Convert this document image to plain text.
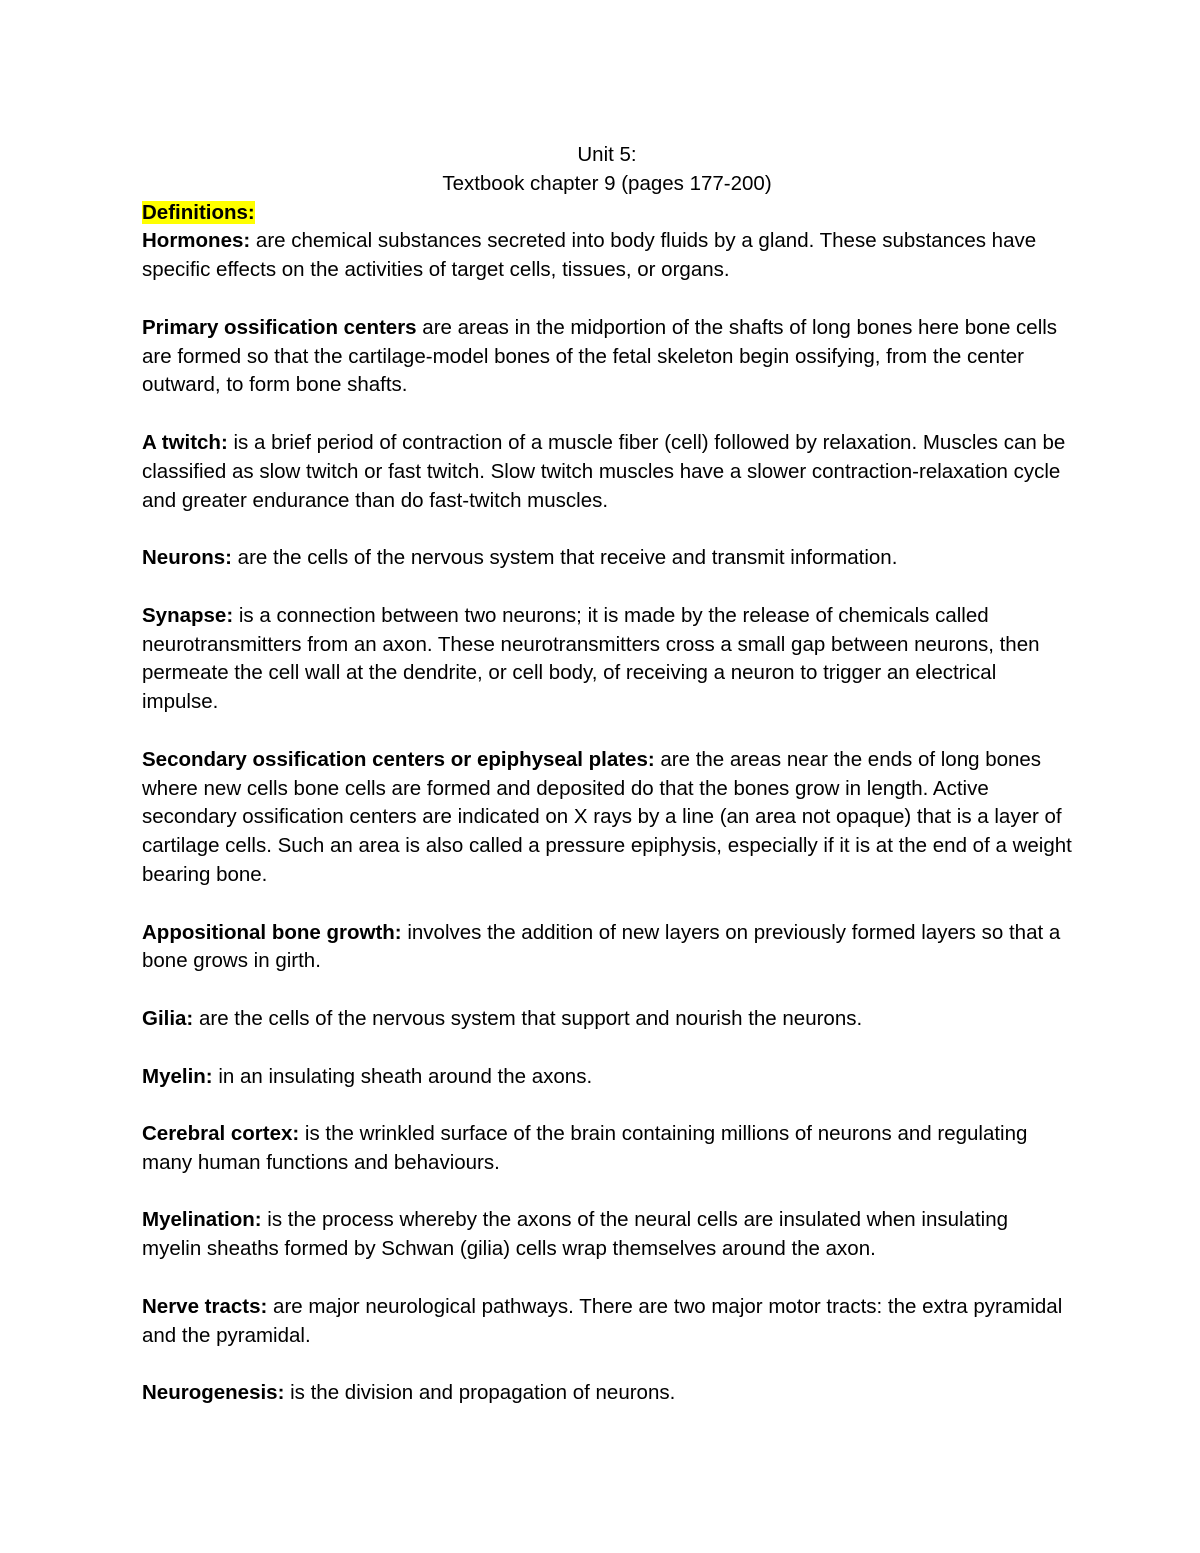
Unit 5:

Textbook chapter 9 (pages 177-200)

Definitions:

Hormones: are chemical substances secreted into body fluids by a gland. These substances have specific effects on the activities of target cells, tissues, or organs.

Primary ossification centers are areas in the midportion of the shafts of long bones here bone cells are formed so that the cartilage-model bones of the fetal skeleton begin ossifying, from the center outward, to form bone shafts.

A twitch: is a brief period of contraction of a muscle fiber (cell) followed by relaxation. Muscles can be classified as slow twitch or fast twitch. Slow twitch muscles have a slower contraction-relaxation cycle and greater endurance than do fast-twitch muscles.

Neurons: are the cells of the nervous system that receive and transmit information.

Synapse: is a connection between two neurons; it is made by the release of chemicals called neurotransmitters from an axon. These neurotransmitters cross a small gap between neurons, then permeate the cell wall at the dendrite, or cell body, of receiving a neuron to trigger an electrical impulse.

Secondary ossification centers or epiphyseal plates: are the areas near the ends of long bones where new cells bone cells are formed and deposited do that the bones grow in length. Active secondary ossification centers are indicated on X rays by a line (an area not opaque) that is a layer of cartilage cells. Such an area is also called a pressure epiphysis, especially if it is at the end of a weight bearing bone.

Appositional bone growth: involves the addition of new layers on previously formed layers so that a bone grows in girth.

Gilia: are the cells of the nervous system that support and nourish the neurons.

Myelin: in an insulating sheath around the axons.

Cerebral cortex: is the wrinkled surface of the brain containing millions of neurons and regulating many human functions and behaviours.

Myelination: is the process whereby the axons of the neural cells are insulated when insulating myelin sheaths formed by Schwan (gilia) cells wrap themselves around the axon.

Nerve tracts: are major neurological pathways. There are two major motor tracts: the extra pyramidal and the pyramidal.

Neurogenesis: is the division and propagation of neurons.
